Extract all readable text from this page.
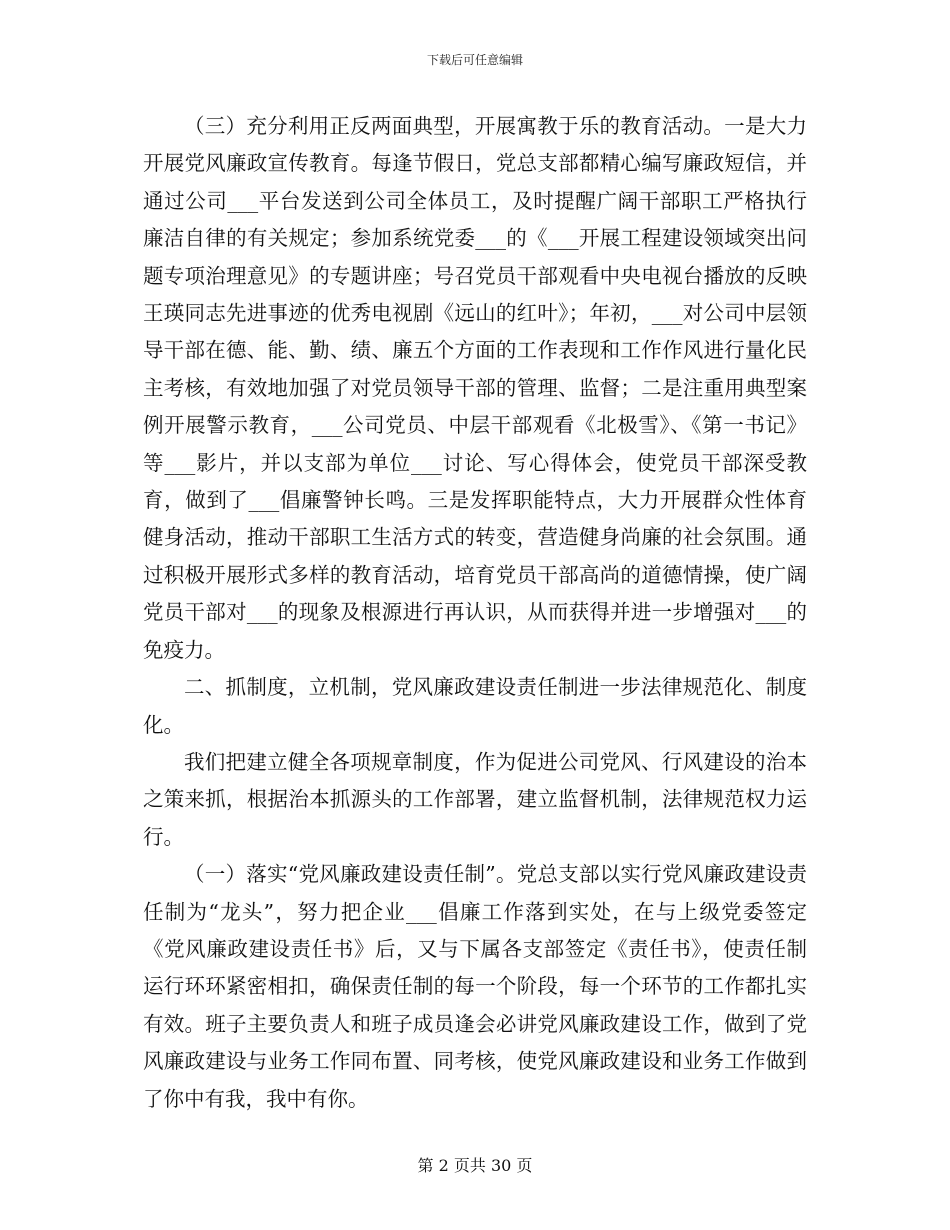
下载后可任意编辑

（三）充分利用正反两面典型，开展寓教于乐的教育活动。一是大力开展党风廉政宣传教育。每逢节假日，党总支部都精心编写廉政短信，并通过公司___平台发送到公司全体员工，及时提醒广阔干部职工严格执行廉洁自律的有关规定；参加系统党委___的《___开展工程建设领域突出问题专项治理意见》的专题讲座；号召党员干部观看中央电视台播放的反映王瑛同志先进事迹的优秀电视剧《远山的红叶》；年初，___对公司中层领导干部在德、能、勤、绩、廉五个方面的工作表现和工作作风进行量化民主考核，有效地加强了对党员领导干部的管理、监督；二是注重用典型案例开展警示教育，___公司党员、中层干部观看《北极雪》、《第一书记》等___影片，并以支部为单位___讨论、写心得体会，使党员干部深受教育，做到了___倡廉警钟长鸣。三是发挥职能特点，大力开展群众性体育健身活动，推动干部职工生活方式的转变，营造健身尚廉的社会氛围。通过积极开展形式多样的教育活动，培育党员干部高尚的道德情操，使广阔党员干部对___的现象及根源进行再认识，从而获得并进一步增强对___的免疫力。

二、抓制度，立机制，党风廉政建设责任制进一步法律规范化、制度化。

我们把建立健全各项规章制度，作为促进公司党风、行风建设的治本之策来抓，根据治本抓源头的工作部署，建立监督机制，法律规范权力运行。

（一）落实“党风廉政建设责任制”。党总支部以实行党风廉政建设责任制为“龙头”，努力把企业___倡廉工作落到实处，在与上级党委签定《党风廉政建设责任书》后，又与下属各支部签定《责任书》，使责任制运行环环紧密相扣，确保责任制的每一个阶段，每一个环节的工作都扎实有效。班子主要负责人和班子成员逢会必讲党风廉政建设工作，做到了党风廉政建设与业务工作同布置、同考核，使党风廉政建设和业务工作做到了你中有我，我中有你。

第 2 页共 30 页
